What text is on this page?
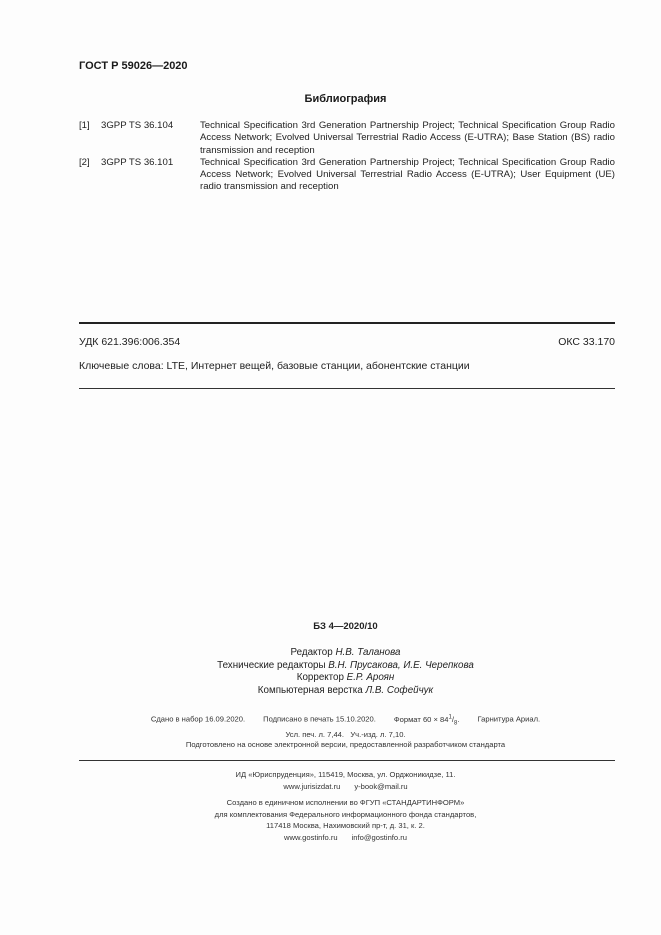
ГОСТ Р 59026—2020
Библиография
[1]	3GPP TS 36.104	Technical Specification 3rd Generation Partnership Project; Technical Specification Group Radio Access Network; Evolved Universal Terrestrial Radio Access (E-UTRA); Base Station (BS) radio transmission and reception
[2]	3GPP TS 36.101	Technical Specification 3rd Generation Partnership Project; Technical Specification Group Radio Access Network; Evolved Universal Terrestrial Radio Access (E-UTRA); User Equipment (UE) radio transmission and reception
УДК 621.396:006.354	ОКС 33.170
Ключевые слова: LTE, Интернет вещей, базовые станции, абонентские станции
БЗ 4—2020/10
Редактор Н.В. Таланова
Технические редакторы В.Н. Прусакова, И.Е. Черепкова
Корректор Е.Р. Ароян
Компьютерная верстка Л.В. Софейчук
Сдано в набор 16.09.2020. Подписано в печать 15.10.2020. Формат $60 \times 84^1/_8$. Гарнитура Ариал.
Усл. печ. л. 7,44. Уч.-изд. л. 7,10.
Подготовлено на основе электронной версии, предоставленной разработчиком стандарта
ИД «Юриспруденция», 115419, Москва, ул. Орджоникидзе, 11.
www.jurisizdat.ru y-book@mail.ru
Создано в единичном исполнении во ФГУП «СТАНДАРТИНФОРМ»
для комплектования Федерального информационного фонда стандартов,
117418 Москва, Нахимовский пр-т, д. 31, к. 2.
www.gostinfo.ru info@gostinfo.ru
